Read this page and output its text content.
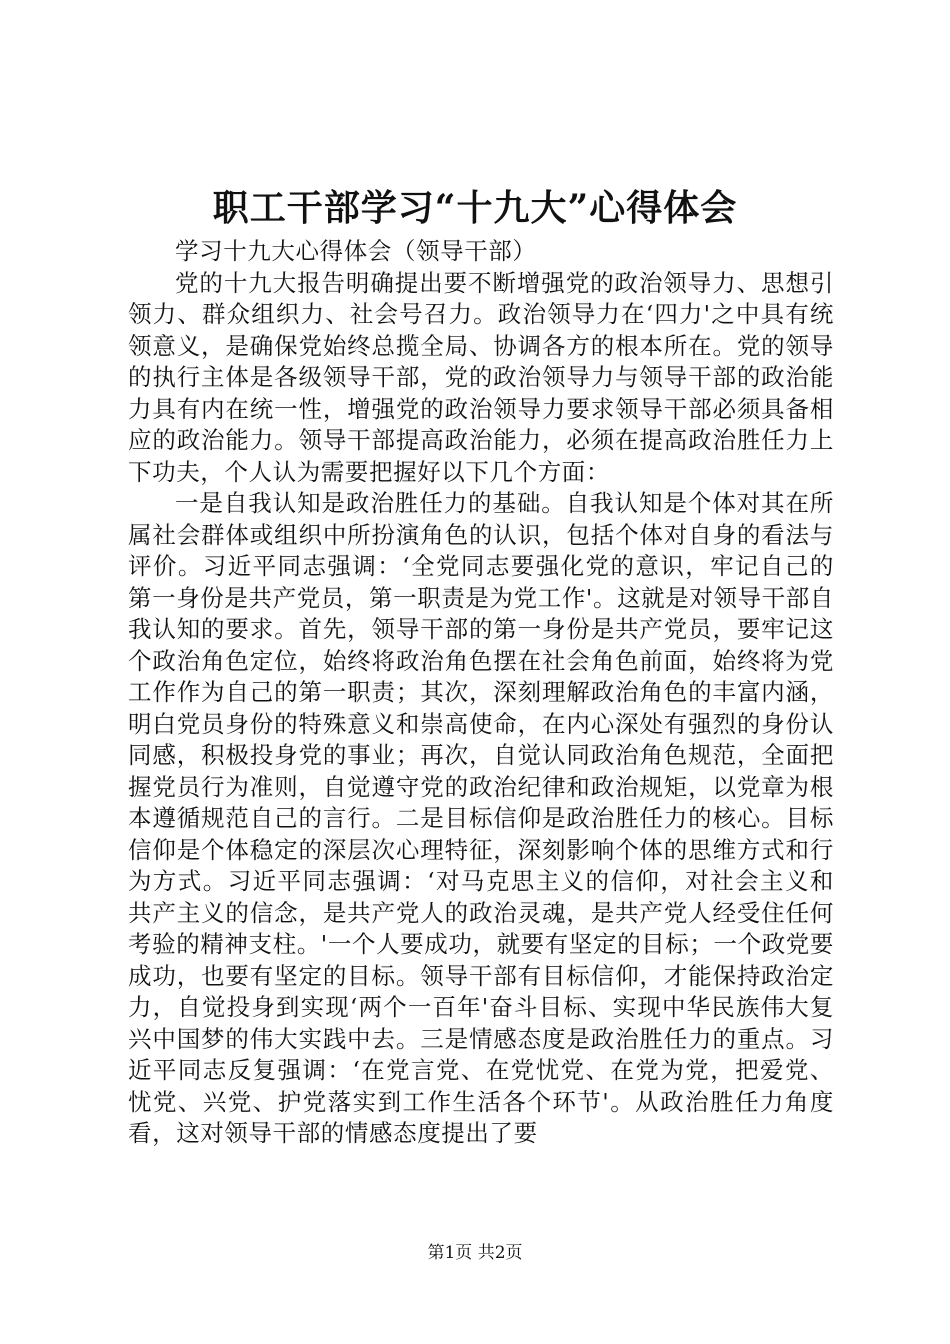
职工干部学习“十九大”心得体会

学习十九大心得体会（领导干部）

党的十九大报告明确提出要不断增强党的政治领导力、思想引领力、群众组织力、社会号召力。政治领导力在‘四力'之中具有统领意义，是确保党始终总揽全局、协调各方的根本所在。党的领导的执行主体是各级领导干部，党的政治领导力与领导干部的政治能力具有内在统一性，增强党的政治领导力要求领导干部必须具备相应的政治能力。领导干部提高政治能力，必须在提高政治胜任力上下功夫，个人认为需要把握好以下几个方面：

一是自我认知是政治胜任力的基础。自我认知是个体对其在所属社会群体或组织中所扮演角色的认识，包括个体对自身的看法与评价。习近平同志强调：‘全党同志要强化党的意识，牢记自己的第一身份是共产党员，第一职责是为党工作'。这就是对领导干部自我认知的要求。首先，领导干部的第一身份是共产党员，要牢记这个政治角色定位，始终将政治角色摆在社会角色前面，始终将为党工作作为自己的第一职责；其次，深刻理解政治角色的丰富内涵，明白党员身份的特殊意义和崇高使命，在内心深处有强烈的身份认同感，积极投身党的事业；再次，自觉认同政治角色规范，全面把握党员行为准则，自觉遵守党的政治纪律和政治规矩，以党章为根本遵循规范自己的言行。二是目标信仰是政治胜任力的核心。目标信仰是个体稳定的深层次心理特征，深刻影响个体的思维方式和行为方式。习近平同志强调：‘对马克思主义的信仰，对社会主义和共产主义的信念，是共产党人的政治灵魂，是共产党人经受住任何考验的精神支柱。'一个人要成功，就要有坚定的目标；一个政党要成功，也要有坚定的目标。领导干部有目标信仰，才能保持政治定力，自觉投身到实现‘两个一百年'奋斗目标、实现中华民族伟大复兴中国梦的伟大实践中去。三是情感态度是政治胜任力的重点。习近平同志反复强调：‘在党言党、在党忧党、在党为党，把爱党、忧党、兴党、护党落实到工作生活各个环节'。从政治胜任力角度看，这对领导干部的情感态度提出了要

第1页 共2页
